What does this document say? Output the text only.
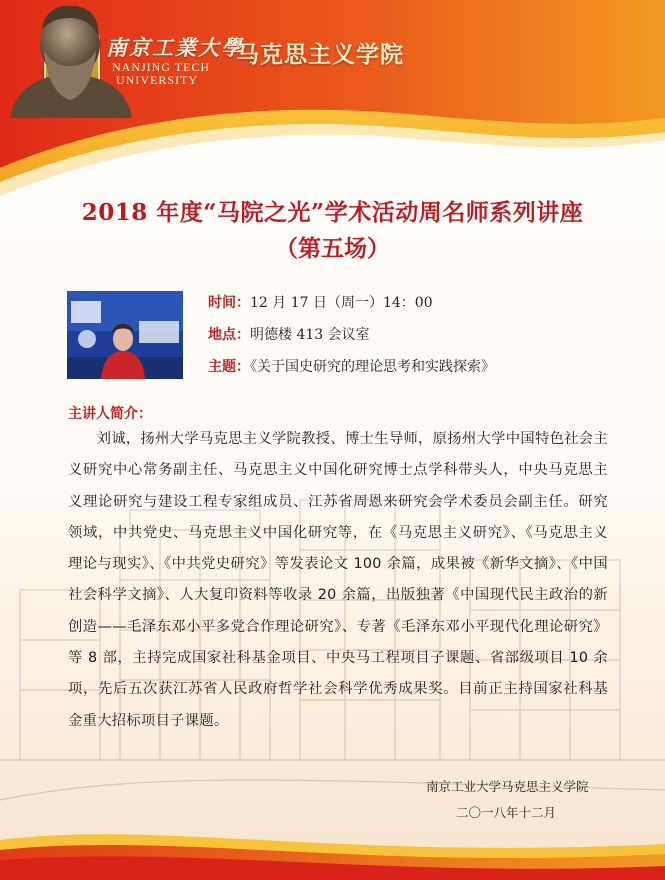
南京工業大學
NANJING TECH
UNIVERSITY
马克思主义学院
2018 年度“马院之光”学术活动周名师系列讲座
（第五场）
时间：12 月 17 日（周一）14：00
地点：明德楼 413 会议室
主题：《关于国史研究的理论思考和实践探索》
主讲人简介：
刘诚，扬州大学马克思主义学院教授、博士生导师，原扬州大学中国特色社会主义研究中心常务副主任、马克思主义中国化研究博士点学科带头人，中央马克思主义理论研究与建设工程专家组成员、江苏省周恩来研究会学术委员会副主任。研究领域，中共党史、马克思主义中国化研究等，在《马克思主义研究》、《马克思主义理论与现实》、《中共党史研究》等发表论文 100 余篇，成果被《新华文摘》、《中国社会科学文摘》、人大复印资料等收录 20 余篇，出版独著《中国现代民主政治的新创造——毛泽东邓小平多党合作理论研究》、专著《毛泽东邓小平现代化理论研究》等 8 部，主持完成国家社科基金项目、中央马工程项目子课题、省部级项目 10 余项，先后五次获江苏省人民政府哲学社会科学优秀成果奖。目前正主持国家社科基金重大招标项目子课题。
南京工业大学马克思主义学院
二〇一八年十二月
